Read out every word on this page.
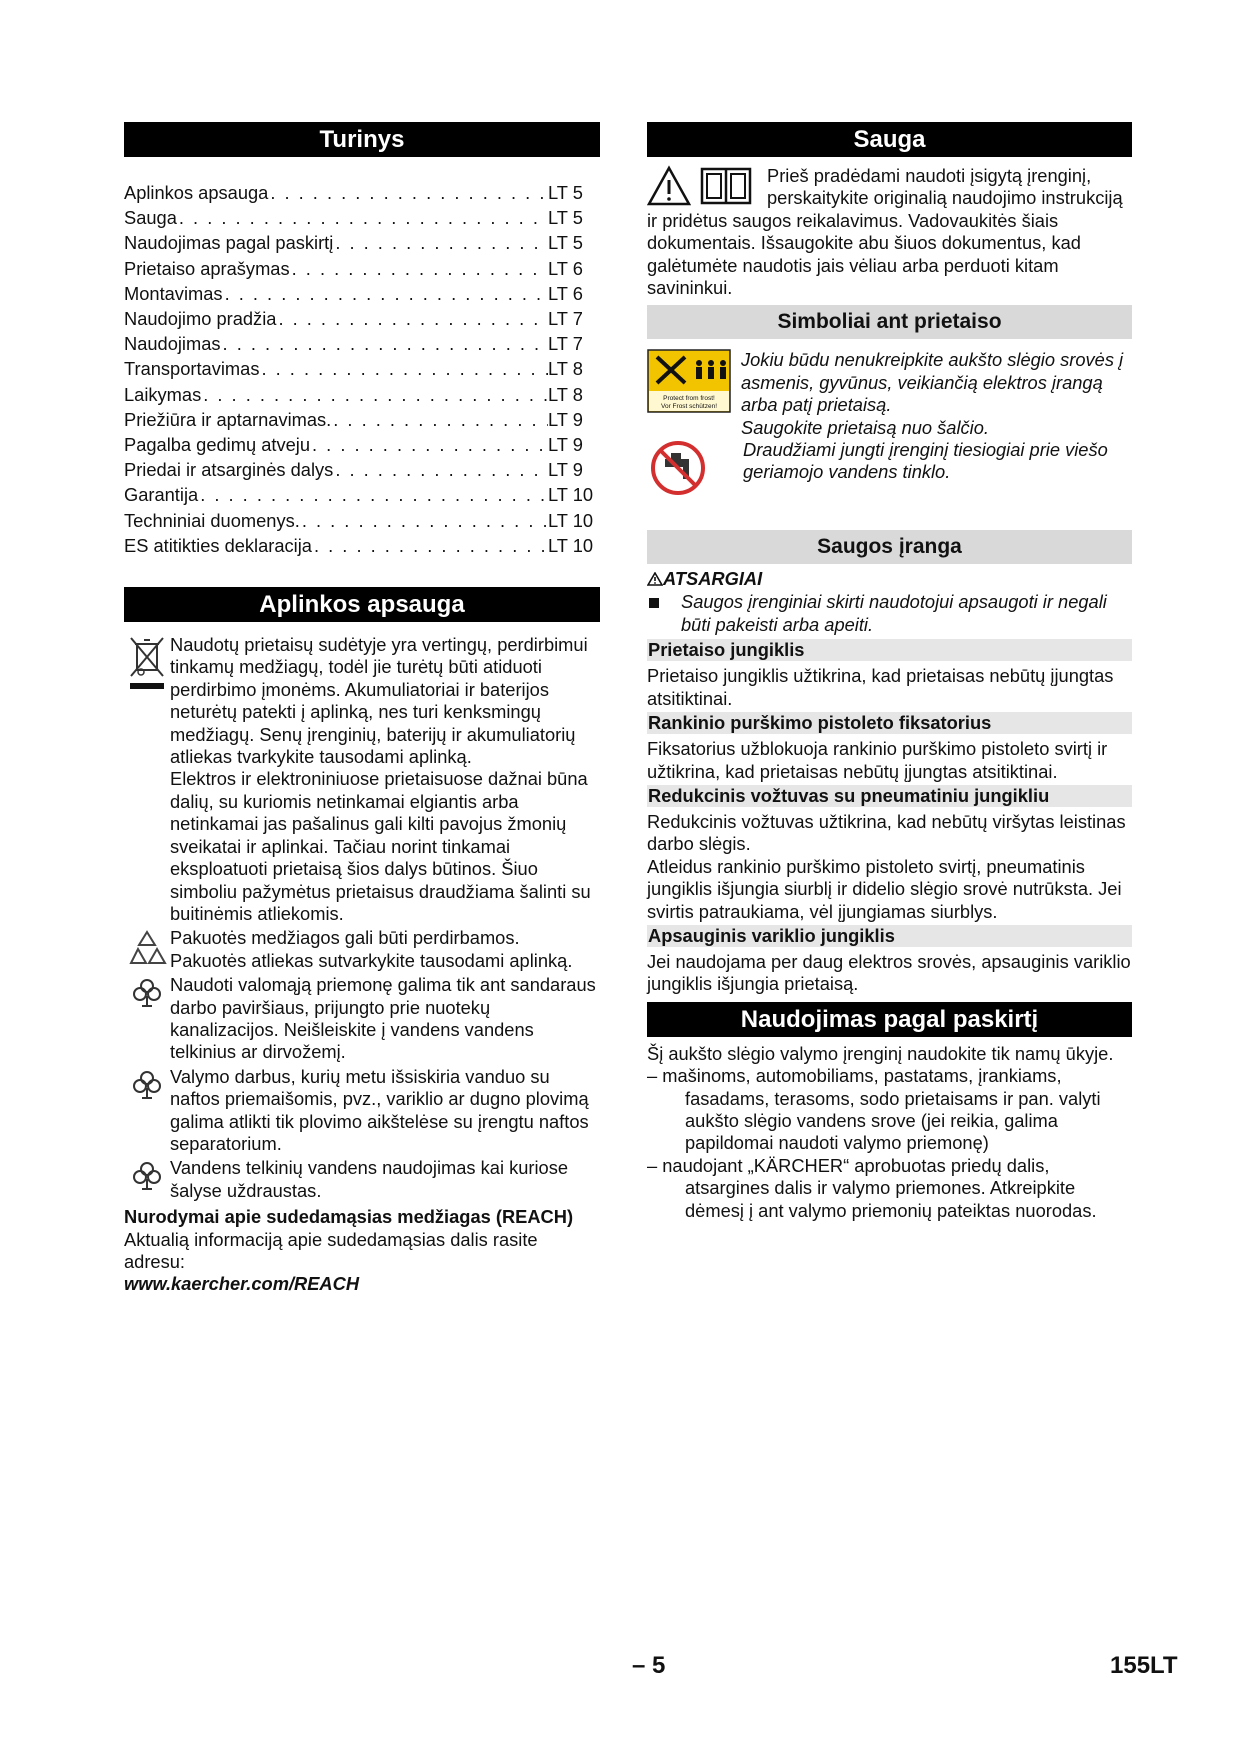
Turinys
Aplinkos apsauga . . .	LT 5
Sauga . . .	LT 5
Naudojimas pagal paskirtį . . .	LT 5
Prietaiso aprašymas . . .	LT 6
Montavimas . . .	LT 6
Naudojimo pradžia . . .	LT 7
Naudojimas . . .	LT 7
Transportavimas . . .	LT 8
Laikymas . . .	LT 8
Priežiūra ir aptarnavimas. . . .	LT 9
Pagalba gedimų atveju . . .	LT 9
Priedai ir atsarginės dalys . . .	LT 9
Garantija . . .	LT 10
Techniniai duomenys. . . .	LT 10
ES atitikties deklaracija . . .	LT 10
Aplinkos apsauga
Naudotų prietaisų sudėtyje yra vertingų, perdirbimui tinkamų medžiagų, todėl jie turėtų būti atiduoti perdirbimo įmonėms. Akumuliatoriai ir baterijos neturėtų patekti į aplinką, nes turi kenksmingų medžiagų. Senų įrenginių, baterijų ir akumuliatorių atliekas tvarkykite tausodami aplinką.
Elektros ir elektroniniuose prietaisuose dažnai būna dalių, su kuriomis netinkamai elgiantis arba netinkamai jas pašalinus gali kilti pavojus žmonių sveikatai ir aplinkai. Tačiau norint tinkamai eksploatuoti prietaisą šios dalys būtinos. Šiuo simboliu pažymėtus prietaisus draudžiama šalinti su buitinėmis atliekomis.
Pakuotės medžiagos gali būti perdirbamos. Pakuotės atliekas sutvarkykite tausodami aplinką.
Naudoti valomąją priemonę galima tik ant sandaraus darbo paviršiaus, prijungto prie nuotekų kanalizacijos. Neišleiskite į vandens vandens telkinius ar dirvožemį.
Valymo darbus, kurių metu išsiskiria vanduo su naftos priemaišomis, pvz., variklio ar dugno plovimą galima atlikti tik plovimo aikštelėse su įrengtu naftos separatorium.
Vandens telkinių vandens naudojimas kai kuriose šalyse uždraustas.
Nurodymai apie sudedamąsias medžiagas (REACH)
Aktualią informaciją apie sudedamąsias dalis rasite adresu:
www.kaercher.com/REACH
Sauga
Prieš pradėdami naudoti įsigytą įrenginį, perskaitykite originalią naudojimo instrukciją ir pridėtus saugos reikalavimus. Vadovaukitės šiais dokumentais. Išsaugokite abu šiuos dokumentus, kad galėtumėte naudotis jais vėliau arba perduoti kitam savininkui.
Simboliai ant prietaiso
Protect from frost!
Vor Frost schützen!
Jokiu būdu nenukreipkite aukšto slėgio srovės į asmenis, gyvūnus, veikiančią elektros įrangą arba patį prietaisą.
Saugokite prietaisą nuo šalčio.
Draudžiami jungti įrenginį tiesiogiai prie viešo geriamojo vandens tinklo.
Saugos įranga
ATSARGIAI
Saugos įrenginiai skirti naudotojui apsaugoti ir negali būti pakeisti arba apeiti.
Prietaiso jungiklis
Prietaiso jungiklis užtikrina, kad prietaisas nebūtų įjungtas atsitiktinai.
Rankinio purškimo pistoleto fiksatorius
Fiksatorius užblokuoja rankinio purškimo pistoleto svirtį ir užtikrina, kad prietaisas nebūtų įjungtas atsitiktinai.
Redukcinis vožtuvas su pneumatiniu jungikliu
Redukcinis vožtuvas užtikrina, kad nebūtų viršytas leistinas darbo slėgis.
Atleidus rankinio purškimo pistoleto svirtį, pneumatinis jungiklis išjungia siurblį ir didelio slėgio srovė nutrūksta. Jei svirtis patraukiama, vėl įjungiamas siurblys.
Apsauginis variklio jungiklis
Jei naudojama per daug elektros srovės, apsauginis variklio jungiklis išjungia prietaisą.
Naudojimas pagal paskirtį
Šį aukšto slėgio valymo įrenginį naudokite tik namų ūkyje.
– mašinoms, automobiliams, pastatams, įrankiams, fasadams, terasoms, sodo prietaisams ir pan. valyti aukšto slėgio vandens srove (jei reikia, galima papildomai naudoti valymo priemonę)
– naudojant „KÄRCHER“ aprobuotas priedų dalis, atsargines dalis ir valymo priemones. Atkreipkite dėmesį į ant valymo priemonių pateiktas nuorodas.
– 5	155LT
